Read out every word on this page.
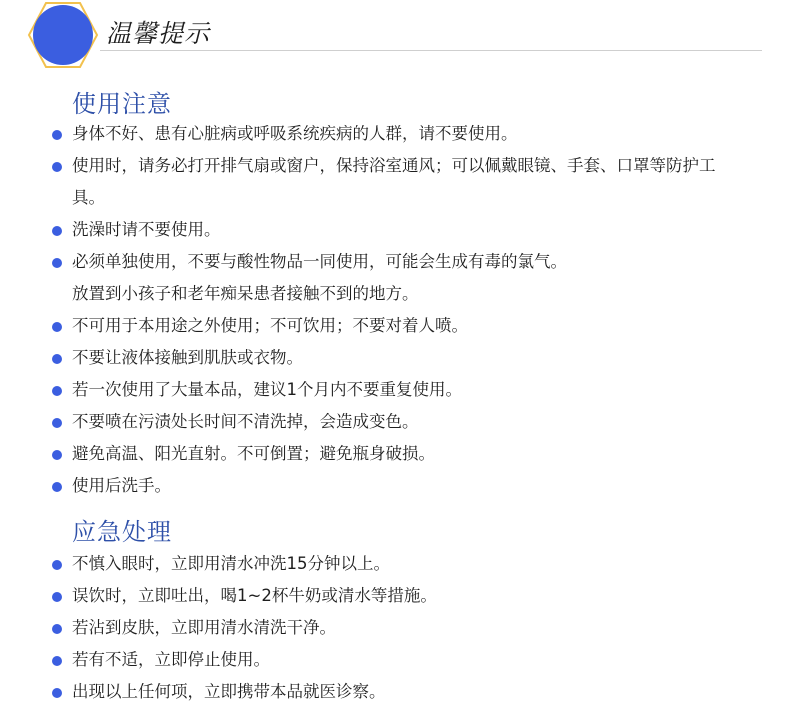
温馨提示
使用注意
身体不好、患有心脏病或呼吸系统疾病的人群，请不要使用。
使用时，请务必打开排气扇或窗户，保持浴室通风；可以佩戴眼镜、手套、口罩等防护工具。
洗澡时请不要使用。
必须单独使用，不要与酸性物品一同使用，可能会生成有毒的氯气。
放置到小孩子和老年痴呆患者接触不到的地方。
不可用于本用途之外使用；不可饮用；不要对着人喷。
不要让液体接触到肌肤或衣物。
若一次使用了大量本品，建议1个月内不要重复使用。
不要喷在污渍处长时间不清洗掉，会造成变色。
避免高温、阳光直射。不可倒置；避免瓶身破损。
使用后洗手。
应急处理
不慎入眼时，立即用清水冲洗15分钟以上。
误饮时，立即吐出，喝1~2杯牛奶或清水等措施。
若沾到皮肤，立即用清水清洗干净。
若有不适，立即停止使用。
出现以上任何项，立即携带本品就医诊察。
